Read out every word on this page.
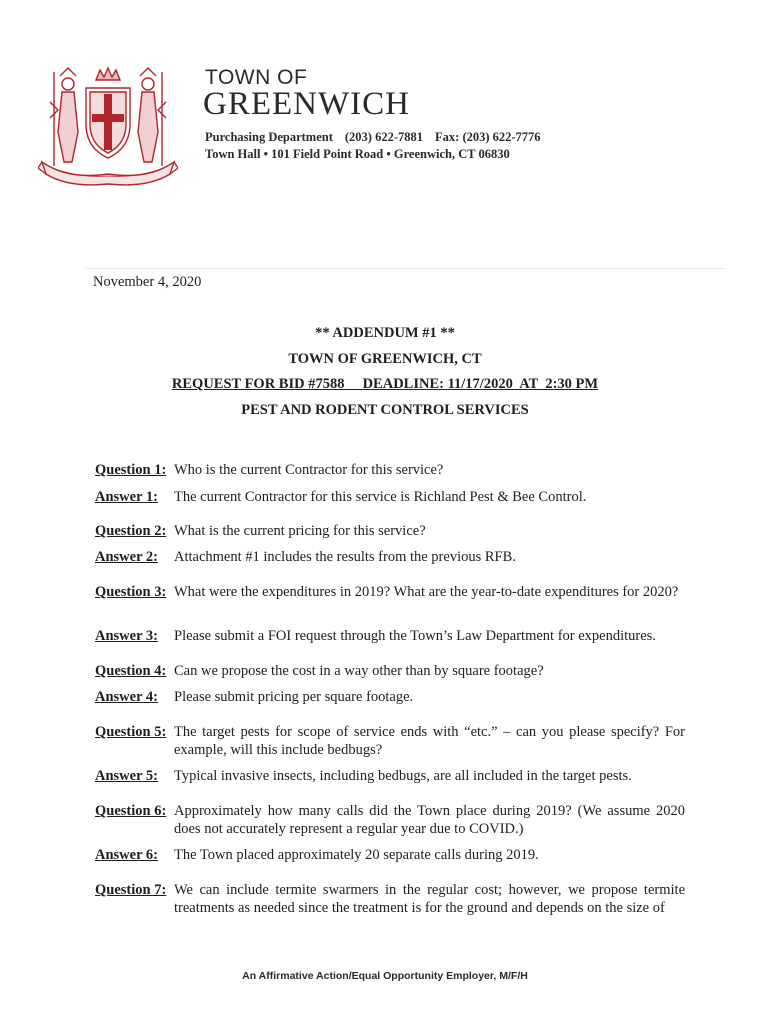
TOWN OF
GREENWICH
Purchasing Department (203) 622-7881 Fax: (203) 622-7776
Town Hall • 101 Field Point Road • Greenwich, CT 06830
November 4, 2020
** ADDENDUM #1 **
TOWN OF GREENWICH, CT
REQUEST FOR BID #7588     DEADLINE: 11/17/2020  AT  2:30 PM
PEST AND RODENT CONTROL SERVICES
Question 1: Who is the current Contractor for this service?
Answer 1: The current Contractor for this service is Richland Pest & Bee Control.
Question 2: What is the current pricing for this service?
Answer 2: Attachment #1 includes the results from the previous RFB.
Question 3: What were the expenditures in 2019? What are the year-to-date expenditures for 2020?
Answer 3: Please submit a FOI request through the Town’s Law Department for expenditures.
Question 4: Can we propose the cost in a way other than by square footage?
Answer 4: Please submit pricing per square footage.
Question 5: The target pests for scope of service ends with “etc.” – can you please specify? For example, will this include bedbugs?
Answer 5: Typical invasive insects, including bedbugs, are all included in the target pests.
Question 6: Approximately how many calls did the Town place during 2019? (We assume 2020 does not accurately represent a regular year due to COVID.)
Answer 6: The Town placed approximately 20 separate calls during 2019.
Question 7: We can include termite swarmers in the regular cost; however, we propose termite treatments as needed since the treatment is for the ground and depends on the size of
An Affirmative Action/Equal Opportunity Employer, M/F/H
